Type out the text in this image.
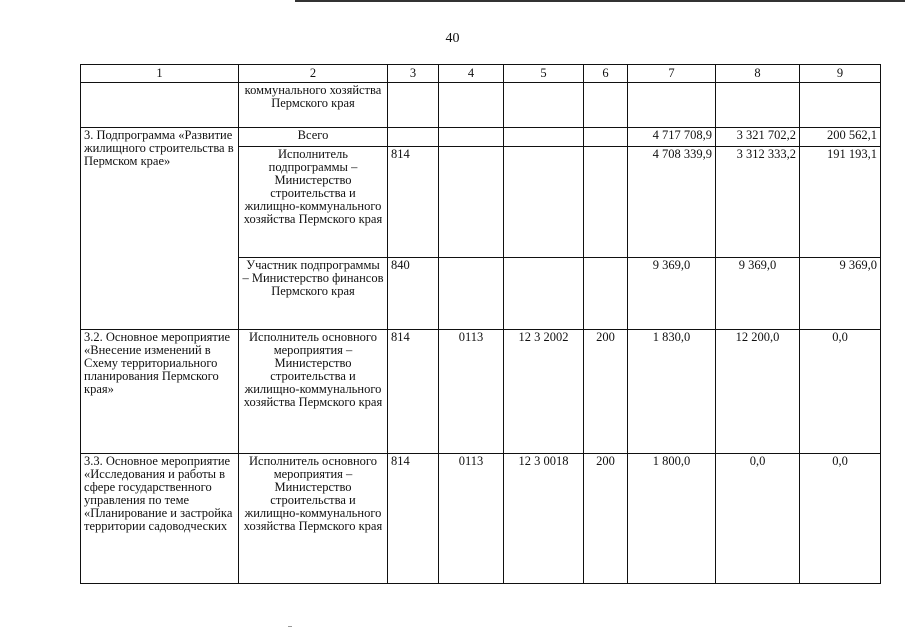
40
1	2	3	4	5	6	7	8	9
	коммунального хозяйства Пермского края							
3. Подпрограмма «Развитие жилищного строительства в Пермском крае»	Всего					4 717 708,9	3 321 702,2	200 562,1
	Исполнитель подпрограммы – Министерство строительства и жилищно-коммунального хозяйства Пермского края	814				4 708 339,9	3 312 333,2	191 193,1
	Участник подпрограммы – Министерство финансов Пермского края	840				9 369,0	9 369,0	9 369,0
3.2. Основное мероприятие «Внесение изменений в Схему территориального планирования Пермского края»	Исполнитель основного мероприятия – Министерство строительства и жилищно-коммунального хозяйства Пермского края	814	0113	12 3 2002	200	1 830,0	12 200,0	0,0
3.3. Основное мероприятие «Исследования и работы в сфере государственного управления по теме «Планирование и застройка территории садоводческих	Исполнитель основного мероприятия – Министерство строительства и жилищно-коммунального хозяйства Пермского края	814	0113	12 3 0018	200	1 800,0	0,0	0,0
